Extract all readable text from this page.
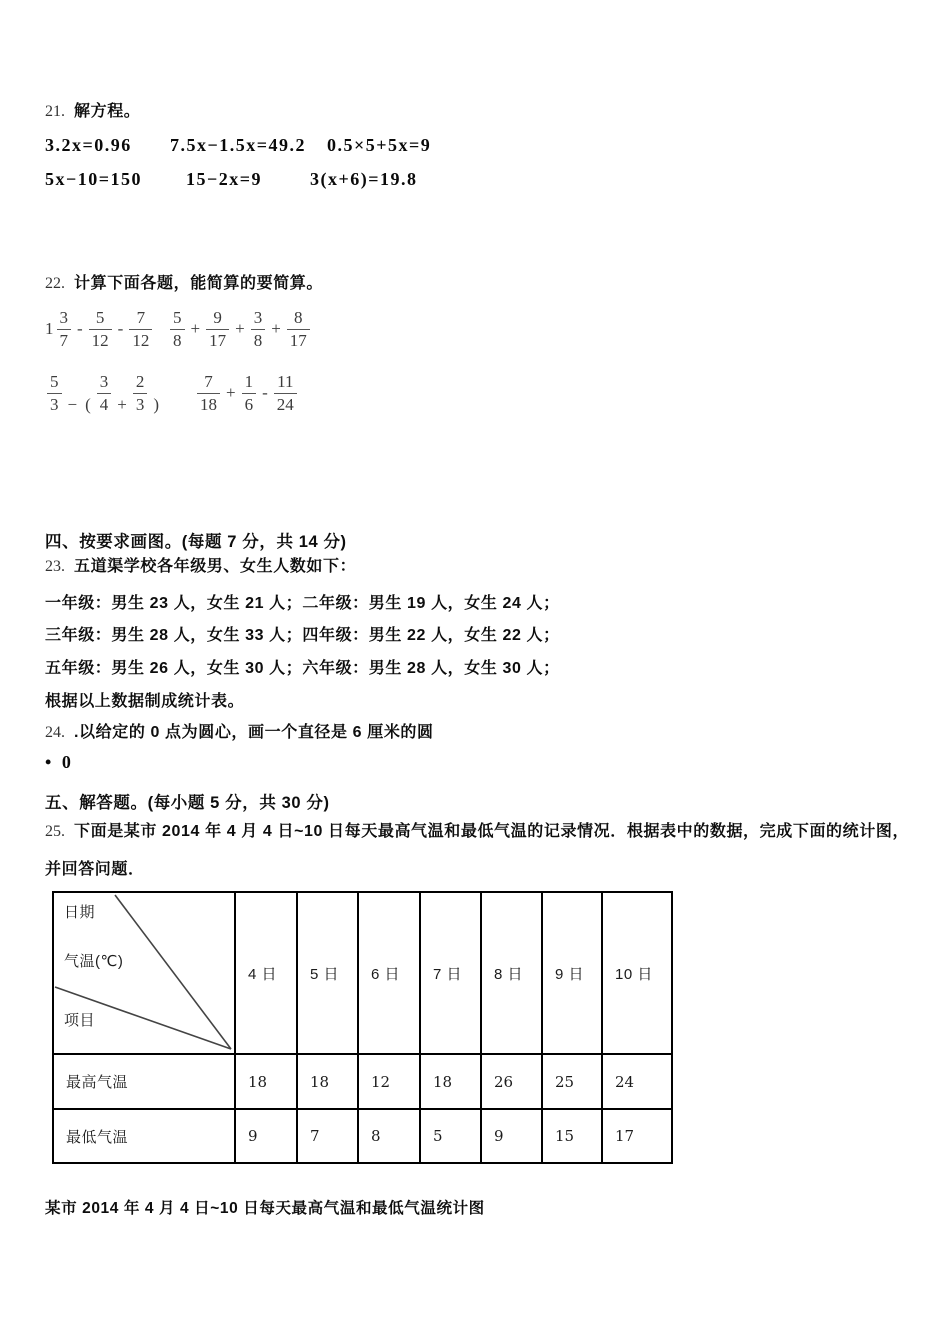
21. 解方程。
3.2x=0.96 7.5x−1.5x=49.2 0.5×5+5x=9
5x−10=150 15−2x=9	3(x+6)=19.8
22. 计算下面各题，能简算的要简算。
$1 \frac{3}{7} - \frac{5}{12} - \frac{7}{12} \frac{5}{8} + \frac{9}{17} + \frac{3}{8} + \frac{8}{17}$
$\frac{5}{3}$ − ( $\frac{3}{4} + \frac{2}{3}$ ) $\frac{7}{18} + \frac{1}{6} - \frac{11}{24}$
四、按要求画图。(每题 7 分，共 14 分)
23. 五道渠学校各年级男、女生人数如下：
一年级：男生 23 人，女生 21 人；二年级：男生 19 人，女生 24 人；
三年级：男生 28 人，女生 33 人；四年级：男生 22 人，女生 22 人；
五年级：男生 26 人，女生 30 人；六年级：男生 28 人，女生 30 人；
根据以上数据制成统计表。
24. .以给定的 0 点为圆心，画一个直径是 6 厘米的圆
• 0
五、解答题。(每小题 5 分，共 30 分)
25. 下面是某市 2014 年 4 月 4 日~10 日每天最高气温和最低气温的记录情况．根据表中的数据，完成下面的统计图，
并回答问题．
日期
气温(℃)
项目	4 日	5 日	6 日	7 日	8 日	9 日	10 日
最高气温	18	18	12	18	26	25	24
最低气温	9	7	8	5	9	15	17
某市 2014 年 4 月 4 日~10 日每天最高气温和最低气温统计图
